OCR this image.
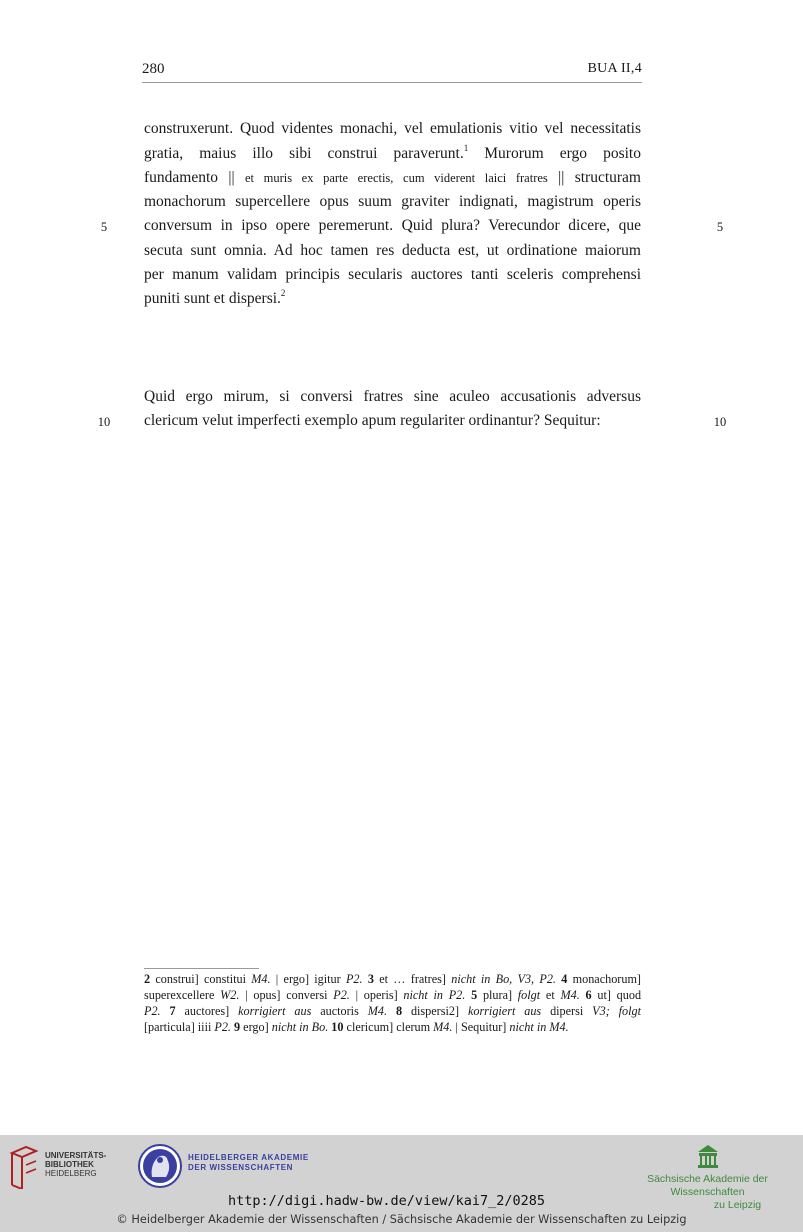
280	BUA II,4
construxerunt. Quod videntes monachi, vel emulationis vitio vel necessitatis
gratia, maius illo sibi construi paraverunt.$^1$ Murorum ergo posito
fundamento || et muris ex parte erectis, cum viderent laici fratres || structuram
monachorum supercellere opus suum graviter indignati, magistrum operis
conversum in ipso opere peremerunt. Quid plura? Verecundor dicere, que
secuta sunt omnia. Ad hoc tamen res deducta est, ut ordinatione maiorum
per manum validam principis secularis auctores tanti sceleris comprehensi
puniti sunt et dispersi.$^2$
Quid ergo mirum, si conversi fratres sine aculeo accusationis adversus
clericum velut imperfecti exemplo apum regulariter ordinantur? Sequitur:
5	5
10	10
2 construi] constitui M4. | ergo] igitur P2. 3 et … fratres] nicht in Bo, V3, P2. 4 monachorum]
superexcellere W2. | opus] conversi P2. | operis] nicht in P2. 5 plura] folgt et M4. 6 ut] quod
P2. 7 auctores] korrigiert aus auctoris M4. 8 dispersi2] korrigiert aus dipersi V3; folgt
[particula] iiii P2. 9 ergo] nicht in Bo. 10 clericum] clerum M4. | Sequitur] nicht in M4.
UNIVERSITÄTS-
BIBLIOTHEK
HEIDELBERG
HEIDELBERGER AKADEMIE
DER WISSENSCHAFTEN
Sächsische Akademie der Wissenschaften
zu Leipzig
http://digi.hadw-bw.de/view/kai7_2/0285
© Heidelberger Akademie der Wissenschaften / Sächsische Akademie der Wissenschaften zu Leipzig
